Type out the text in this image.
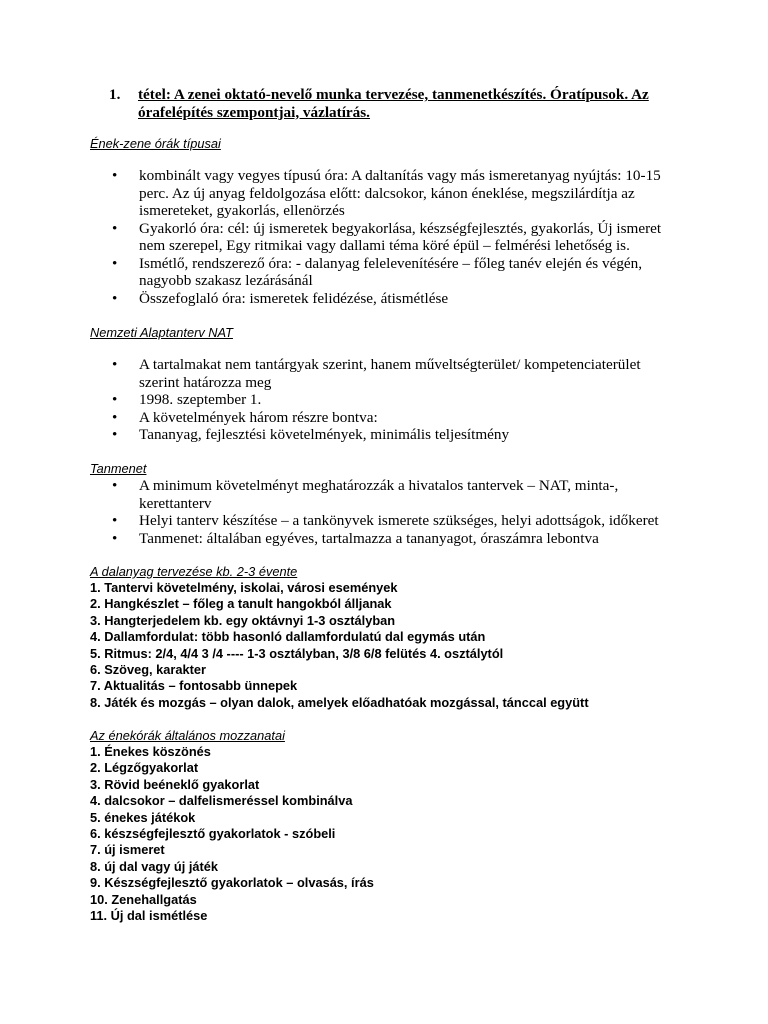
1. tétel: A zenei oktató-nevelő munka tervezése, tanmenetkészítés. Óratípusok. Az órafelépítés szempontjai, vázlatírás.
Ének-zene órák típusai
• kombinált vagy vegyes típusú óra: A daltanítás vagy más ismeretanyag nyújtás: 10-15 perc. Az új anyag feldolgozása előtt: dalcsokor, kánon éneklése, megszilárdítja az ismereteket, gyakorlás, ellenörzés
• Gyakorló óra: cél: új ismeretek begyakorlása, készségfejlesztés, gyakorlás, Új ismeret nem szerepel, Egy ritmikai vagy dallami téma köré épül – felmérési lehetőség is.
• Ismétlő, rendszerező óra: - dalanyag felelevenítésére – főleg tanév elején és végén, nagyobb szakasz lezárásánál
• Összefoglaló óra: ismeretek felidézése, átismétlése
Nemzeti Alaptanterv NAT
• A tartalmakat nem tantárgyak szerint, hanem műveltségterület/ kompetenciaterület szerint határozza meg
• 1998. szeptember 1.
• A követelmények három részre bontva:
• Tananyag, fejlesztési követelmények, minimális teljesítmény
Tanmenet
• A minimum követelményt meghatározzák a hivatalos tantervek – NAT, minta-, kerettanterv
• Helyi tanterv készítése – a tankönyvek ismerete szükséges, helyi adottságok, időkeret
• Tanmenet: általában egyéves, tartalmazza a tananyagot, óraszámra lebontva
A dalanyag tervezése kb. 2-3 évente
1. Tantervi követelmény, iskolai, városi események
2. Hangkészlet – főleg a tanult hangokból álljanak
3. Hangterjedelem kb. egy oktávnyi 1-3 osztályban
4. Dallamfordulat: több hasonló dallamfordulatú dal egymás után
5. Ritmus: 2/4, 4/4 3 /4 ---- 1-3 osztályban, 3/8 6/8 felütés 4. osztálytól
6. Szöveg, karakter
7. Aktualitás – fontosabb ünnepek
8. Játék és mozgás – olyan dalok, amelyek előadhatóak mozgással, tánccal együtt
Az énekórák általános mozzanatai
1. Énekes köszönés
2. Légzőgyakorlat
3. Rövid beéneklő gyakorlat
4. dalcsokor – dalfelismeréssel kombinálva
5. énekes játékok
6. készségfejlesztő gyakorlatok - szóbeli
7. új ismeret
8. új dal vagy új játék
9. Készségfejlesztő gyakorlatok – olvasás, írás
10. Zenehallgatás
11. Új dal ismétlése
